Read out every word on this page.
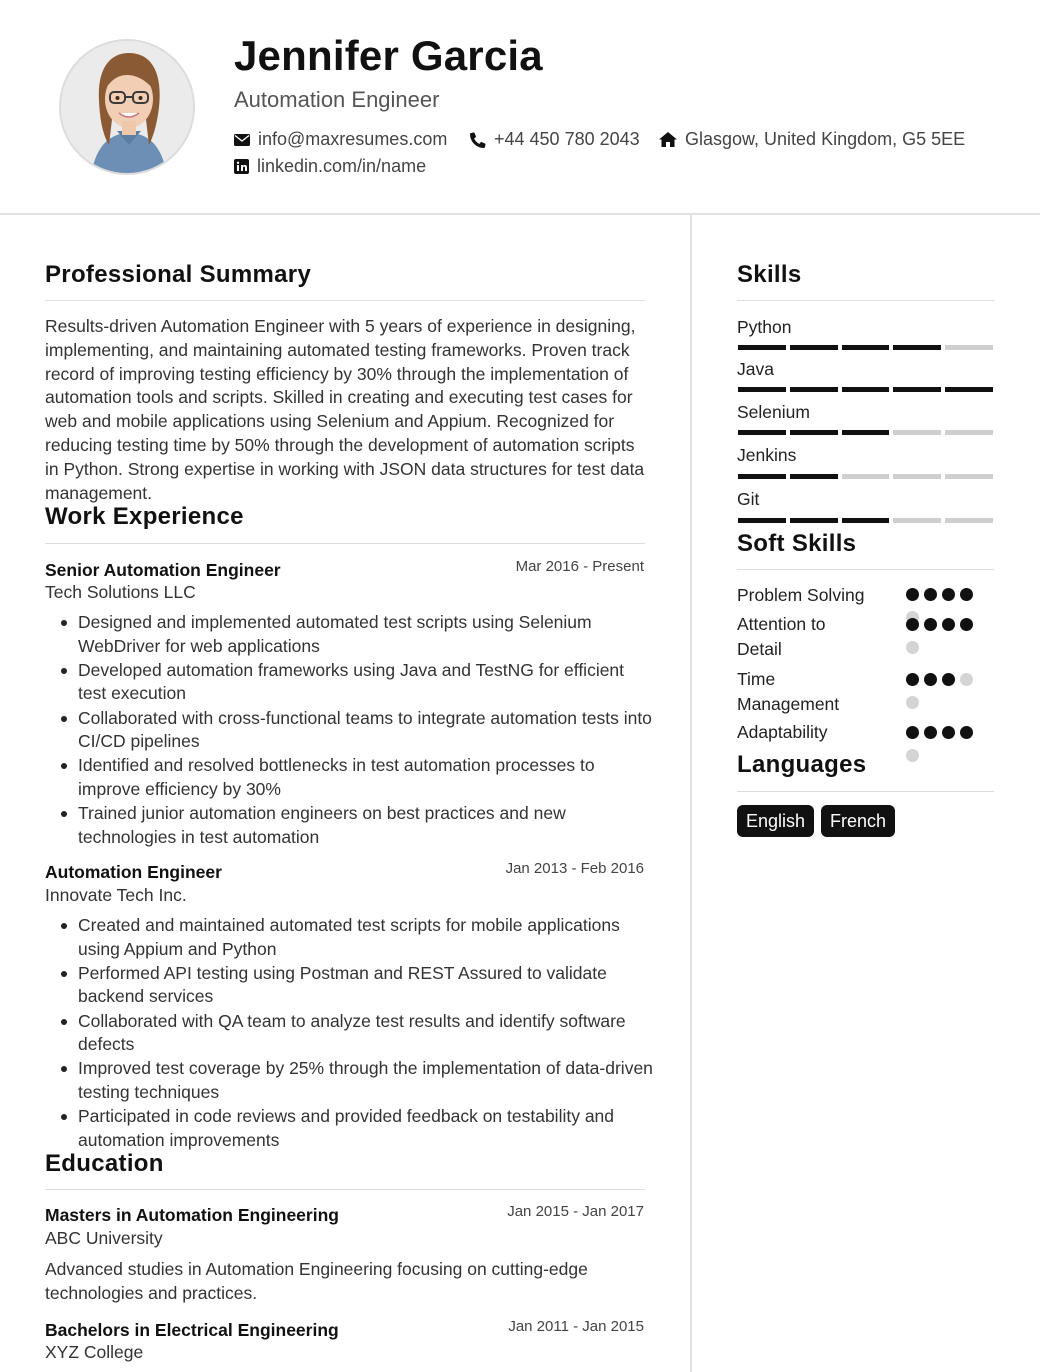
Jennifer Garcia
Automation Engineer
info@maxresumes.com	+44 450 780 2043	Glasgow, United Kingdom, G5 5EE
linkedin.com/in/name
Professional Summary
Results-driven Automation Engineer with 5 years of experience in designing, implementing, and maintaining automated testing frameworks. Proven track record of improving testing efficiency by 30% through the implementation of automation tools and scripts. Skilled in creating and executing test cases for web and mobile applications using Selenium and Appium. Recognized for reducing testing time by 50% through the development of automation scripts in Python. Strong expertise in working with JSON data structures for test data management.
Work Experience
Senior Automation Engineer	Mar 2016 - Present
Tech Solutions LLC
Designed and implemented automated test scripts using Selenium WebDriver for web applications
Developed automation frameworks using Java and TestNG for efficient test execution
Collaborated with cross-functional teams to integrate automation tests into CI/CD pipelines
Identified and resolved bottlenecks in test automation processes to improve efficiency by 30%
Trained junior automation engineers on best practices and new technologies in test automation
Automation Engineer	Jan 2013 - Feb 2016
Innovate Tech Inc.
Created and maintained automated test scripts for mobile applications using Appium and Python
Performed API testing using Postman and REST Assured to validate backend services
Collaborated with QA team to analyze test results and identify software defects
Improved test coverage by 25% through the implementation of data-driven testing techniques
Participated in code reviews and provided feedback on testability and automation improvements
Education
Masters in Automation Engineering	Jan 2015 - Jan 2017
ABC University
Advanced studies in Automation Engineering focusing on cutting-edge technologies and practices.
Bachelors in Electrical Engineering	Jan 2011 - Jan 2015
XYZ College
Skills
Python
Java
Selenium
Jenkins
Git
Soft Skills
Problem Solving
Attention to Detail
Time Management
Adaptability
Languages
English	French
